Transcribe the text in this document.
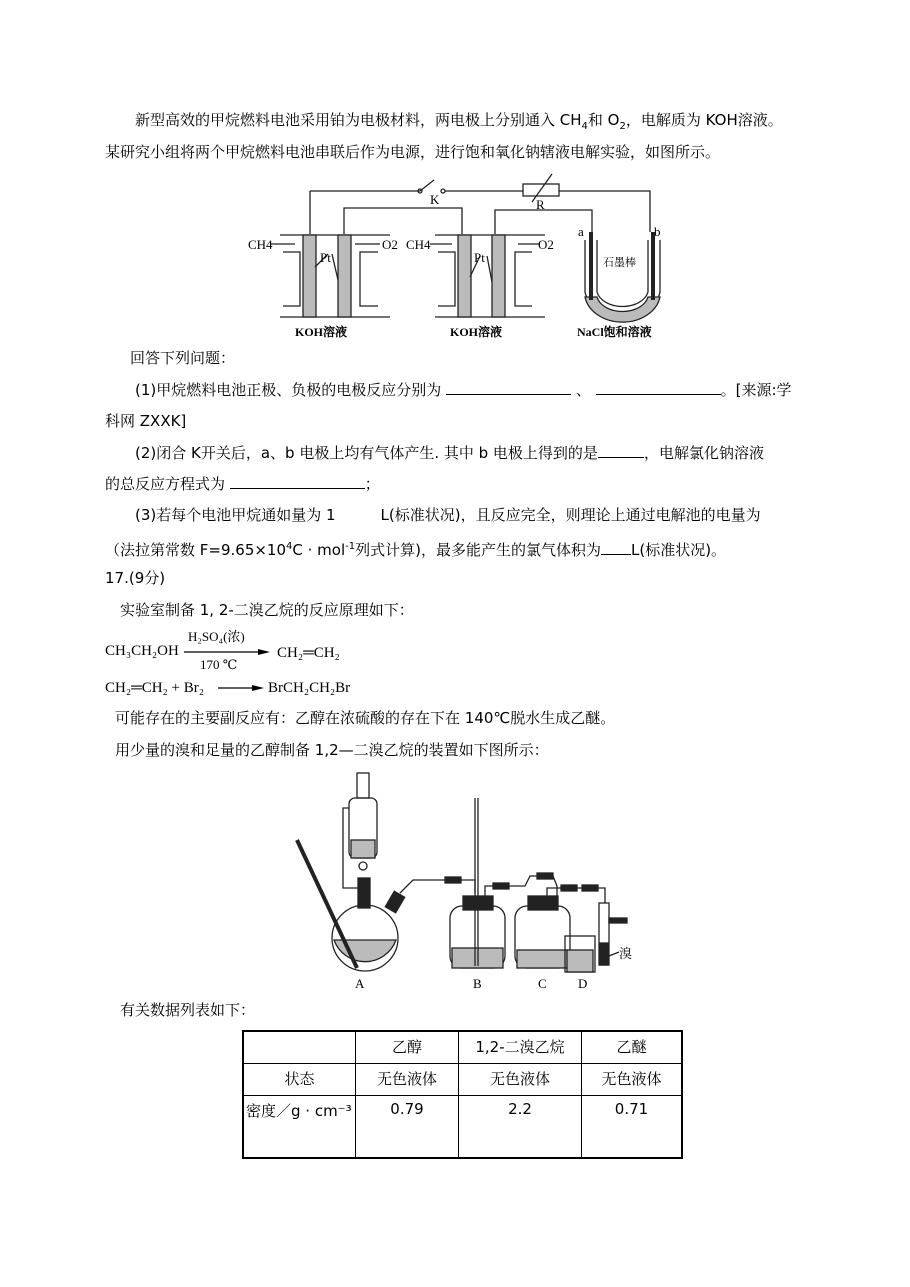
新型高效的甲烷燃料电池采用铂为电极材料，两电极上分别通入 $CH_4$和 $O_2$，电解质为 KOH溶液。
某研究小组将两个甲烷燃料电池串联后作为电源，进行饱和氧化钠辖液电解实验，如图所示。
K	R
CH4	O2 CH4	O2
Pt	Pt
a	b
石墨棒
KOH溶液	KOH溶液	NaCl饱和溶液
回答下列问题：
(1)甲烷燃料电池正极、负极的电极反应分别为	、	。[来源:学
科网 ZXXK]
(2)闭合 K开关后，a、b 电极上均有气体产生. 其中 b 电极上得到的是	，电解氯化钠溶液
的总反应方程式为	；
(3)若每个电池甲烷通如量为 1　　　L(标准状况)，且反应完全，则理论上通过电解池的电量为
（法拉第常数 $F=9.65\times 10^4C \cdot mol^{-1}$列式计算)，最多能产生的氯气体积为 L(标准状况)。
17.(9分)
实验室制备 1, 2-二溴乙烷的反应原理如下：
CH₃CH₂OH
H₂SO₄(浓)
170 ℃
CH₂═CH₂
CH₂═CH₂ + Br₂ → BrCH₂CH₂Br
可能存在的主要副反应有：乙醇在浓硫酸的存在下在 140℃脱水生成乙醚。
用少量的溴和足量的乙醇制备 1,2—二溴乙烷的装置如下图所示：
A	B	C D
溴
有关数据列表如下：
	乙醇	1,2-二溴乙烷	乙醚
状态	无色液体	无色液体	无色液体
密度／g · cm⁻³	0.79	2.2	0.71
